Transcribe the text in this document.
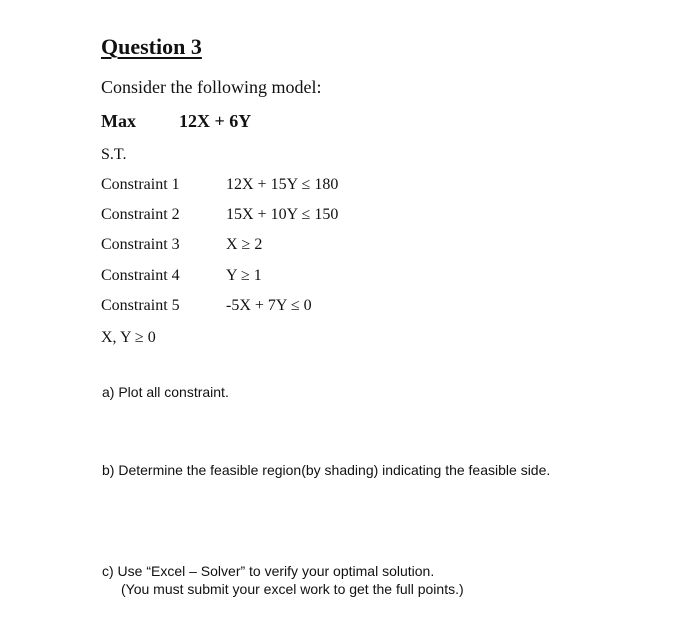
Question 3
Consider the following model:
Max 12X + 6Y
S.T.
Constraint 1	12X + 15Y ≤ 180
Constraint 2	15X + 10Y ≤ 150
Constraint 3	X ≥ 2
Constraint 4	Y ≥ 1
Constraint 5	-5X + 7Y ≤ 0
X, Y ≥ 0
a) Plot all constraint.
b) Determine the feasible region(by shading) indicating the feasible side.
c) Use “Excel – Solver” to verify your optimal solution.
(You must submit your excel work to get the full points.)
